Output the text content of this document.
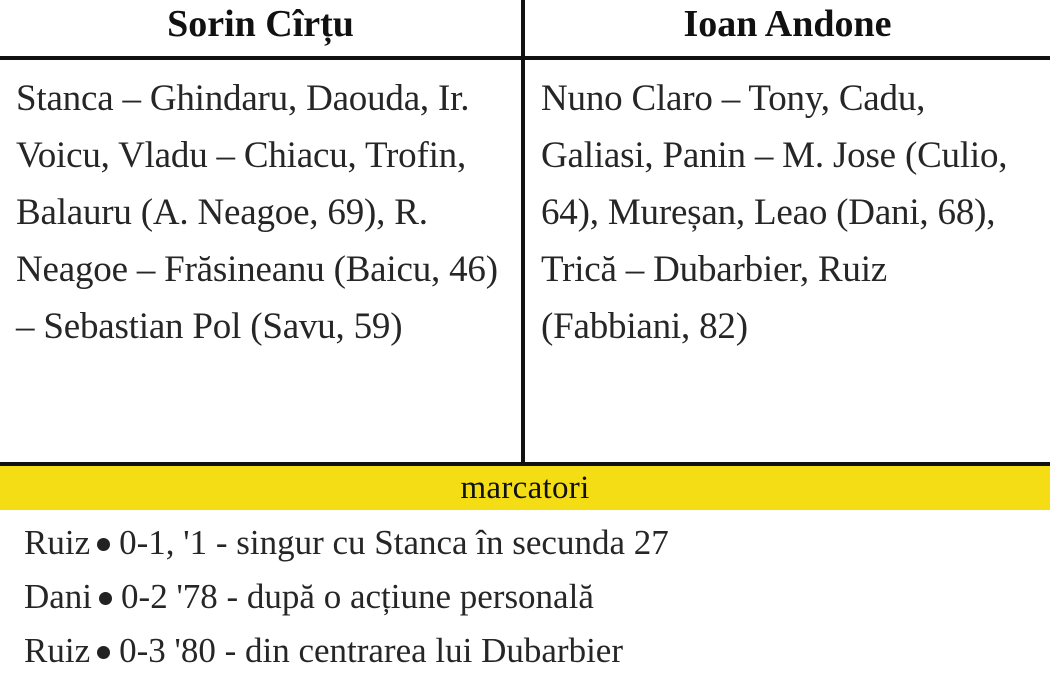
Sorin Cîrțu	Ioan Andone
Stanca – Ghindaru, Daouda, Ir. Voicu, Vladu – Chiacu, Trofin, Balauru (A. Neagoe, 69), R. Neagoe – Frăsineanu (Baicu, 46) – Sebastian Pol (Savu, 59)
Nuno Claro – Tony, Cadu, Galiasi, Panin – M. Jose (Culio, 64), Mureșan, Leao (Dani, 68), Trică – Dubarbier, Ruiz (Fabbiani, 82)
marcatori
Ruiz 0-1, '1 - singur cu Stanca în secunda 27
Dani 0-2 '78 - după o acțiune personală
Ruiz 0-3 '80 - din centrarea lui Dubarbier
